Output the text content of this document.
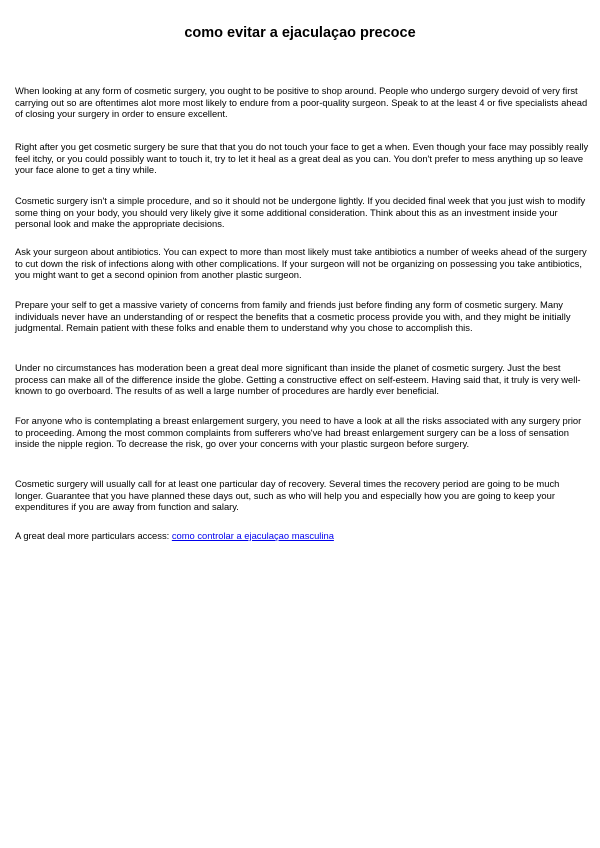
como evitar a ejaculaçao precoce

When looking at any form of cosmetic surgery, you ought to be positive to shop around. People who undergo surgery devoid of very first carrying out so are oftentimes alot more most likely to endure from a poor-quality surgeon. Speak to at the least 4 or five specialists ahead of closing your surgery in order to ensure excellent.

Right after you get cosmetic surgery be sure that that you do not touch your face to get a when. Even though your face may possibly really feel itchy, or you could possibly want to touch it, try to let it heal as a great deal as you can. You don't prefer to mess anything up so leave your face alone to get a tiny while.

Cosmetic surgery isn't a simple procedure, and so it should not be undergone lightly. If you decided final week that you just wish to modify some thing on your body, you should very likely give it some additional consideration. Think about this as an investment inside your personal look and make the appropriate decisions.

Ask your surgeon about antibiotics. You can expect to more than most likely must take antibiotics a number of weeks ahead of the surgery to cut down the risk of infections along with other complications. If your surgeon will not be organizing on possessing you take antibiotics, you might want to get a second opinion from another plastic surgeon.

Prepare your self to get a massive variety of concerns from family and friends just before finding any form of cosmetic surgery. Many individuals never have an understanding of or respect the benefits that a cosmetic process provide you with, and they might be initially judgmental. Remain patient with these folks and enable them to understand why you chose to accomplish this.

Under no circumstances has moderation been a great deal more significant than inside the planet of cosmetic surgery. Just the best process can make all of the difference inside the globe. Getting a constructive effect on self-esteem. Having said that, it truly is very well-known to go overboard. The results of as well a large number of procedures are hardly ever beneficial.

For anyone who is contemplating a breast enlargement surgery, you need to have a look at all the risks associated with any surgery prior to proceeding. Among the most common complaints from sufferers who've had breast enlargement surgery can be a loss of sensation inside the nipple region. To decrease the risk, go over your concerns with your plastic surgeon before surgery.

Cosmetic surgery will usually call for at least one particular day of recovery. Several times the recovery period are going to be much longer. Guarantee that you have planned these days out, such as who will help you and especially how you are going to keep your expenditures if you are away from function and salary.

A great deal more particulars access: como controlar a ejaculaçao masculina
